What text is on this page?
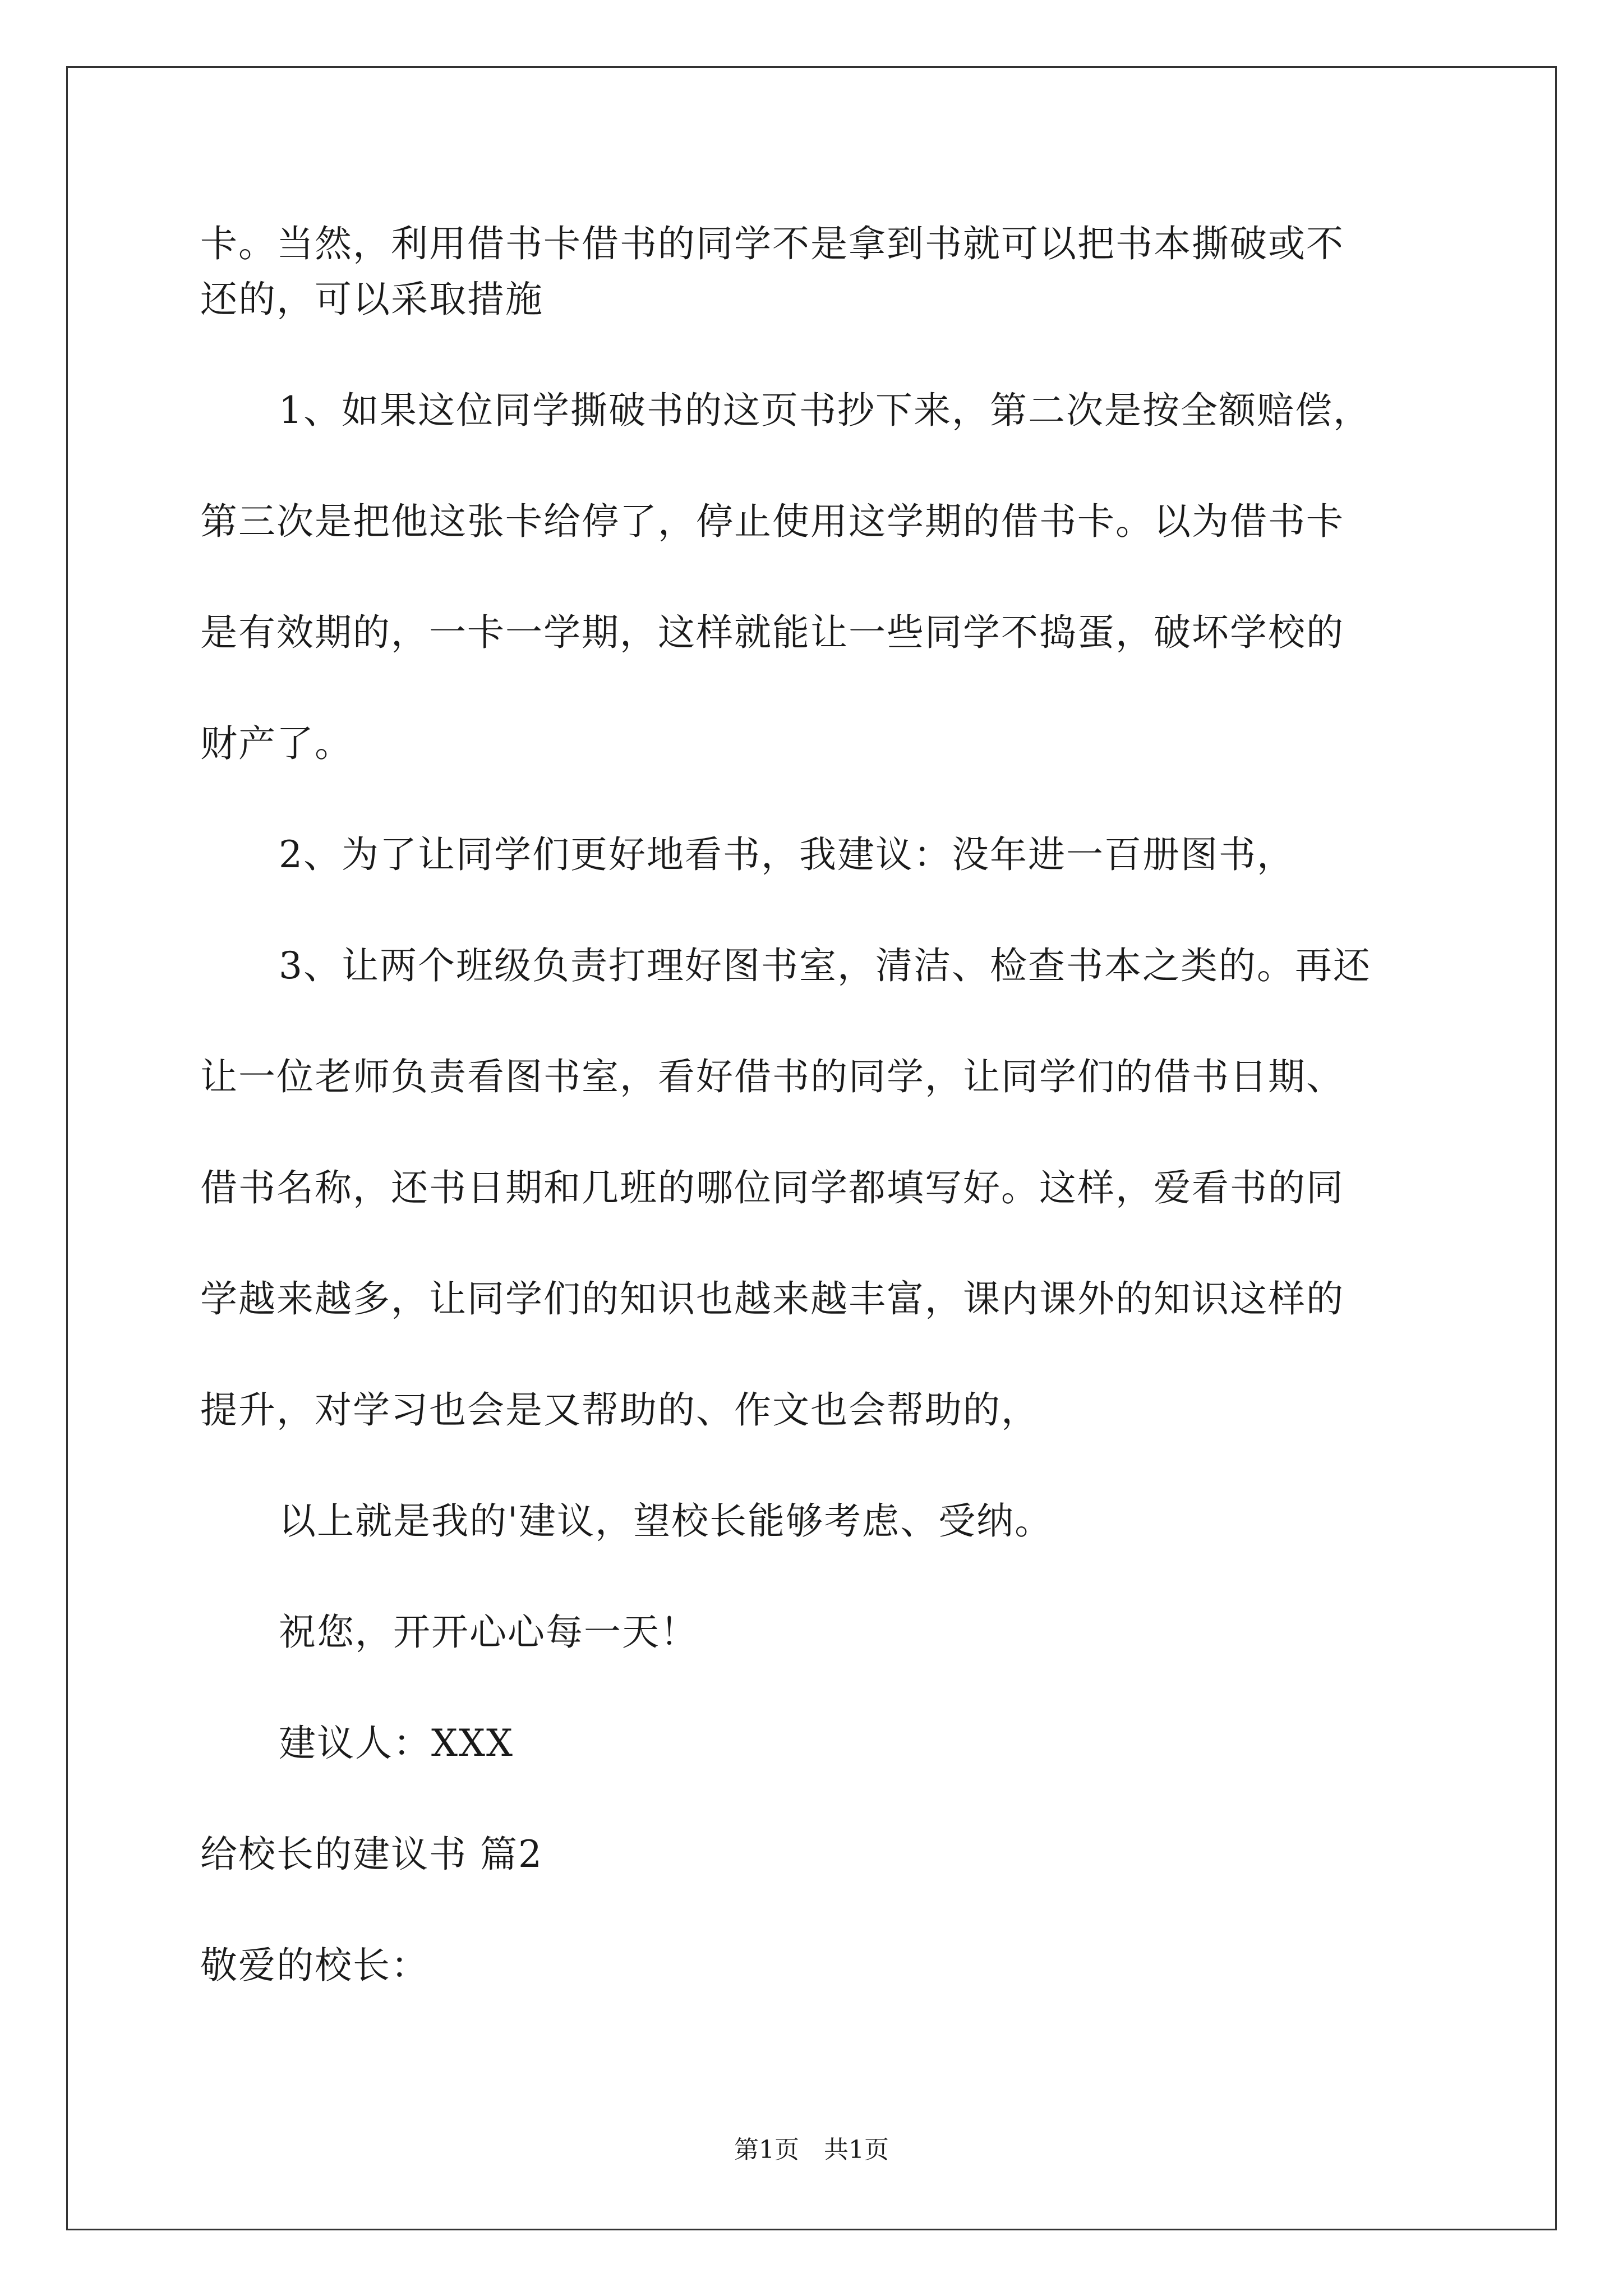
卡。当然，利用借书卡借书的同学不是拿到书就可以把书本撕破或不
还的，可以采取措施
1、如果这位同学撕破书的这页书抄下来，第二次是按全额赔偿，
第三次是把他这张卡给停了，停止使用这学期的借书卡。以为借书卡
是有效期的，一卡一学期，这样就能让一些同学不捣蛋，破坏学校的
财产了。
2、为了让同学们更好地看书，我建议：没年进一百册图书，
3、让两个班级负责打理好图书室，清洁、检查书本之类的。再还
让一位老师负责看图书室，看好借书的同学，让同学们的借书日期、
借书名称，还书日期和几班的哪位同学都填写好。这样，爱看书的同
学越来越多，让同学们的知识也越来越丰富，课内课外的知识这样的
提升，对学习也会是又帮助的、作文也会帮助的，
以上就是我的'建议，望校长能够考虑、受纳。
祝您，开开心心每一天！
建议人：XXX
给校长的建议书 篇2
敬爱的校长：
第1页　共1页
